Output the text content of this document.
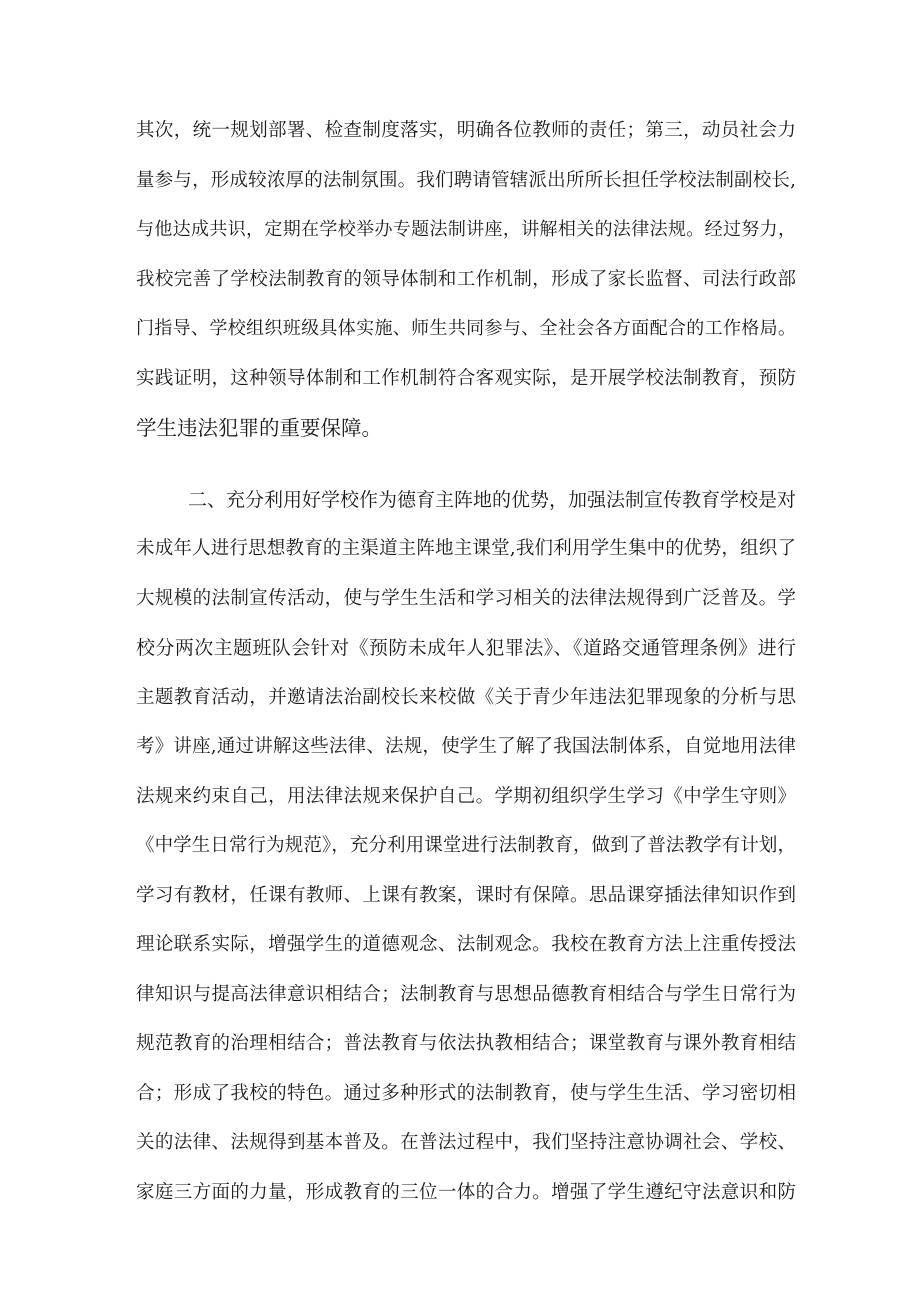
其次，统一规划部署、检查制度落实，明确各位教师的责任；第三，动员社会力
量参与，形成较浓厚的法制氛围。我们聘请管辖派出所所长担任学校法制副校长,
与他达成共识，定期在学校举办专题法制讲座，讲解相关的法律法规。经过努力，
我校完善了学校法制教育的领导体制和工作机制，形成了家长监督、司法行政部
门指导、学校组织班级具体实施、师生共同参与、全社会各方面配合的工作格局。
实践证明，这种领导体制和工作机制符合客观实际，是开展学校法制教育，预防
学生违法犯罪的重要保障。
二、充分利用好学校作为德育主阵地的优势，加强法制宣传教育学校是对
未成年人进行思想教育的主渠道主阵地主课堂,我们利用学生集中的优势，组织了
大规模的法制宣传活动，使与学生生活和学习相关的法律法规得到广泛普及。学
校分两次主题班队会针对《预防未成年人犯罪法》、《道路交通管理条例》进行
主题教育活动，并邀请法治副校长来校做《关于青少年违法犯罪现象的分析与思
考》讲座,通过讲解这些法律、法规，使学生了解了我国法制体系，自觉地用法律
法规来约束自己，用法律法规来保护自己。学期初组织学生学习《中学生守则》
《中学生日常行为规范》，充分利用课堂进行法制教育，做到了普法教学有计划，
学习有教材，任课有教师、上课有教案，课时有保障。思品课穿插法律知识作到
理论联系实际，增强学生的道德观念、法制观念。我校在教育方法上注重传授法
律知识与提高法律意识相结合；法制教育与思想品德教育相结合与学生日常行为
规范教育的治理相结合；普法教育与依法执教相结合；课堂教育与课外教育相结
合；形成了我校的特色。通过多种形式的法制教育，使与学生生活、学习密切相
关的法律、法规得到基本普及。在普法过程中，我们坚持注意协调社会、学校、
家庭三方面的力量，形成教育的三位一体的合力。增强了学生遵纪守法意识和防
